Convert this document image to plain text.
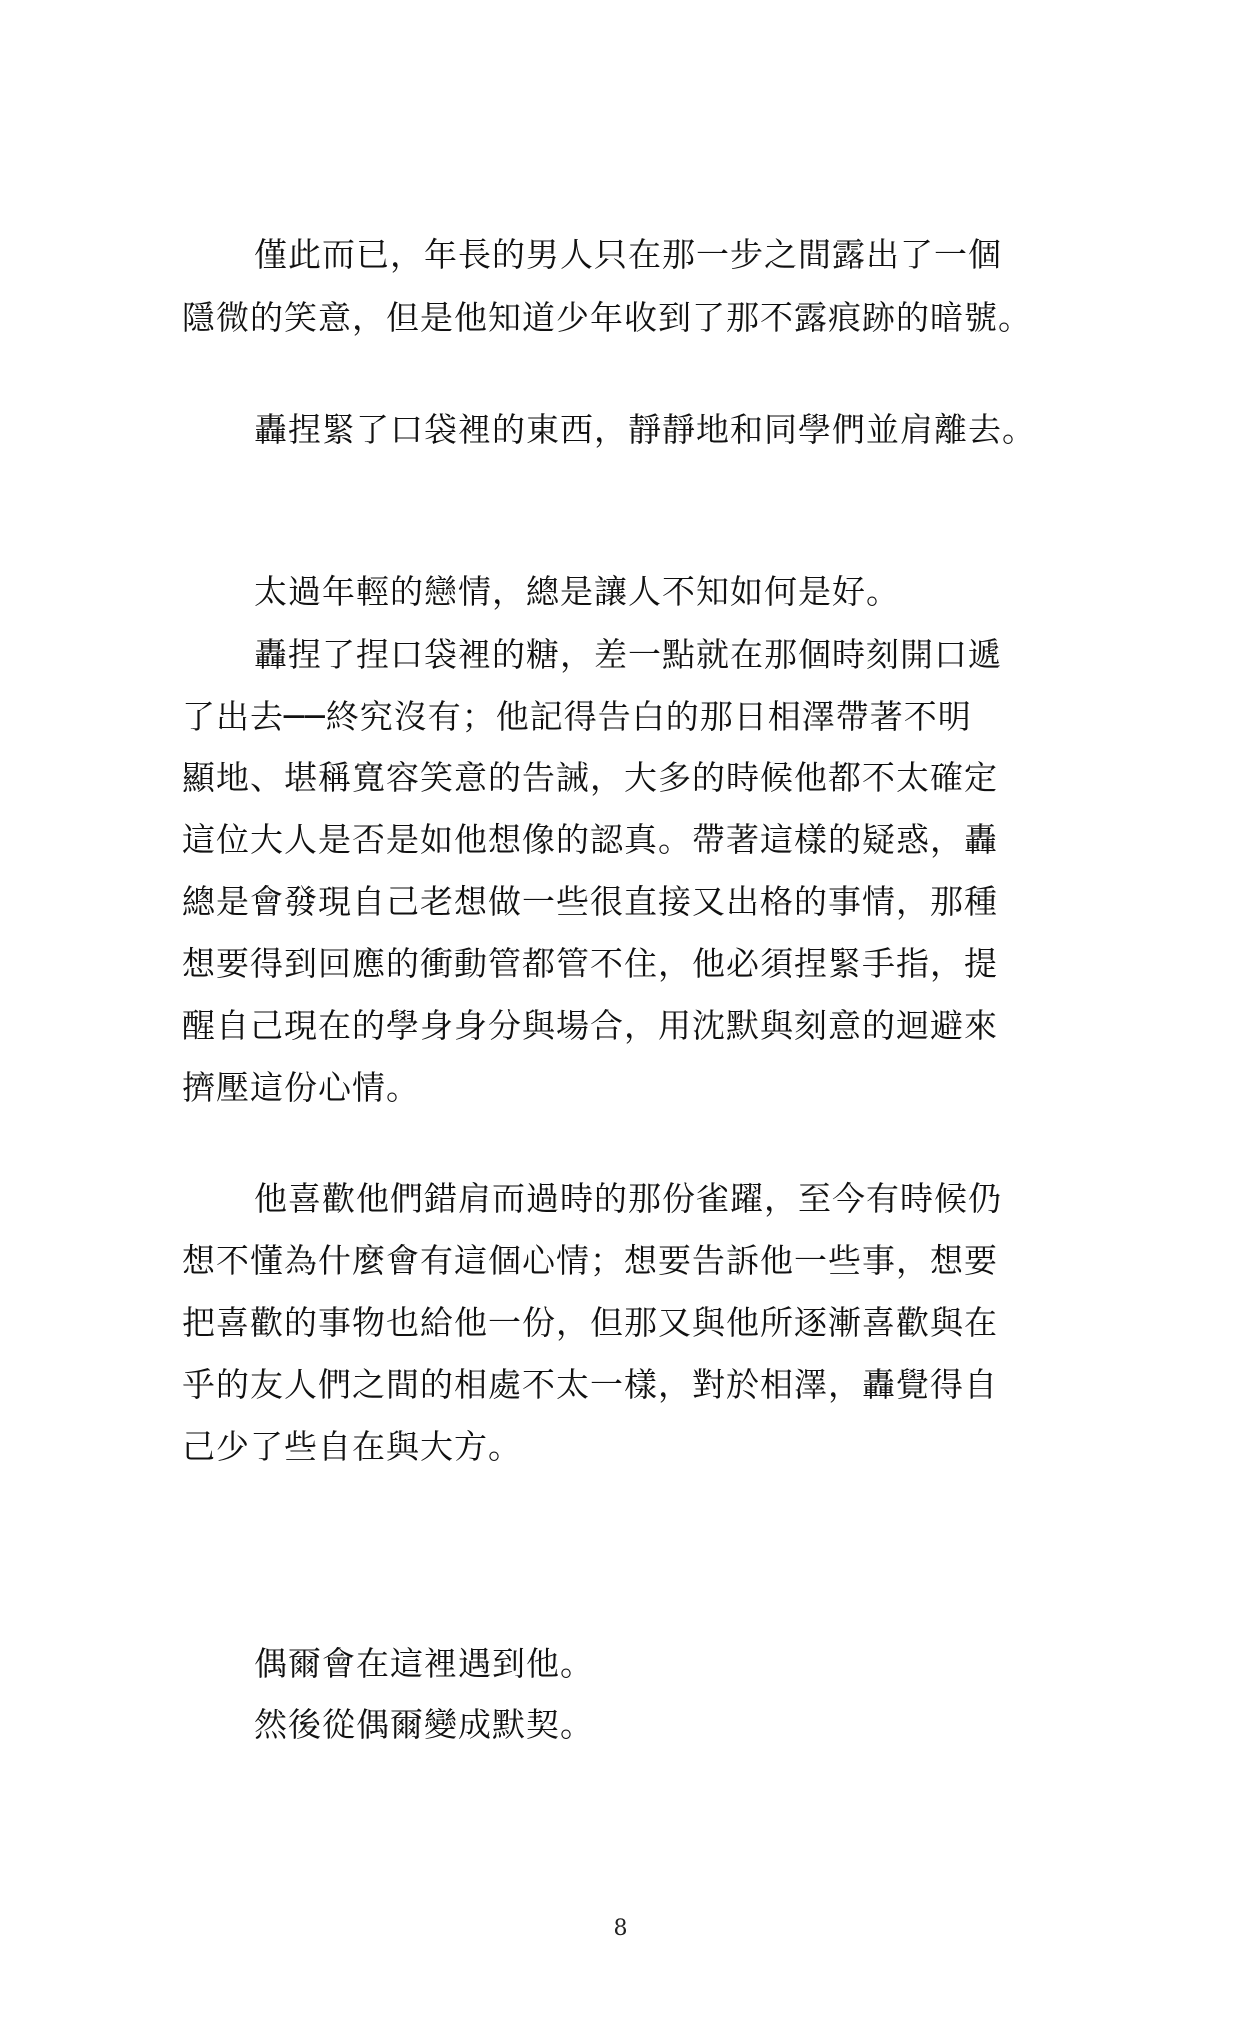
僅此而已，年長的男人只在那一步之間露出了一個
隱微的笑意，但是他知道少年收到了那不露痕跡的暗號。
轟捏緊了口袋裡的東西，靜靜地和同學們並肩離去。
太過年輕的戀情，總是讓人不知如何是好。
轟捏了捏口袋裡的糖，差一點就在那個時刻開口遞
了出去──終究沒有；他記得告白的那日相澤帶著不明
顯地、堪稱寬容笑意的告誡，大多的時候他都不太確定
這位大人是否是如他想像的認真。帶著這樣的疑惑，轟
總是會發現自己老想做一些很直接又出格的事情，那種
想要得到回應的衝動管都管不住，他必須捏緊手指，提
醒自己現在的學身身分與場合，用沈默與刻意的迴避來
擠壓這份心情。
他喜歡他們錯肩而過時的那份雀躍，至今有時候仍
想不懂為什麼會有這個心情；想要告訴他一些事，想要
把喜歡的事物也給他一份，但那又與他所逐漸喜歡與在
乎的友人們之間的相處不太一樣，對於相澤，轟覺得自
己少了些自在與大方。
偶爾會在這裡遇到他。
然後從偶爾變成默契。
8
